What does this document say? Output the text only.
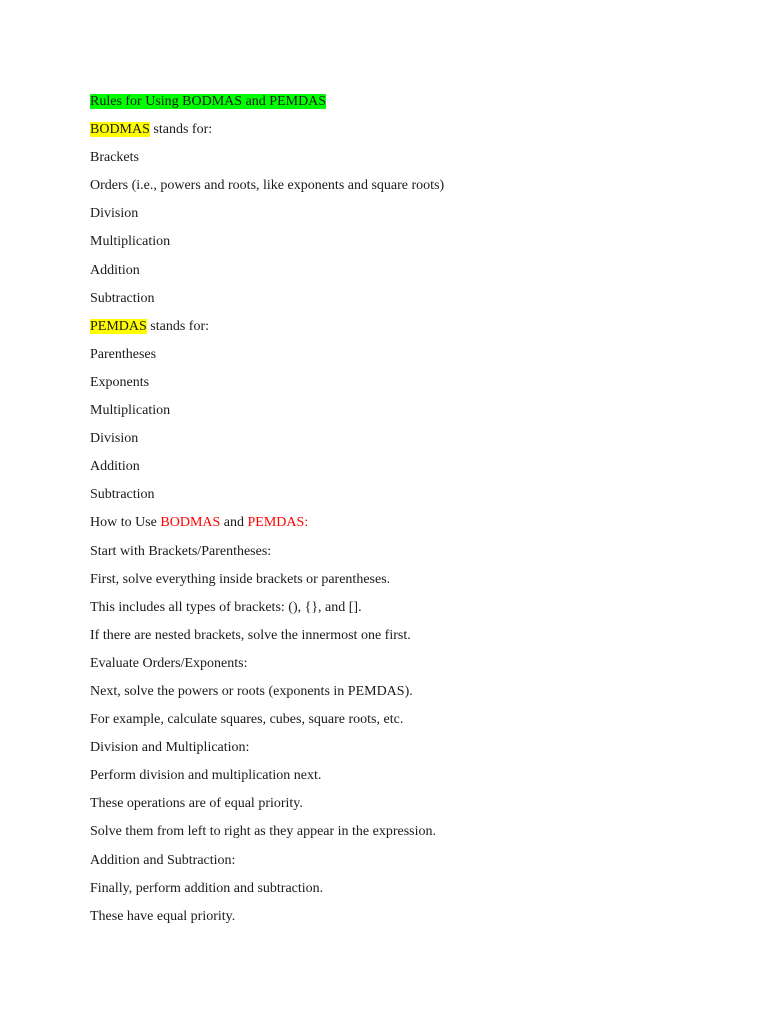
Rules for Using BODMAS and PEMDAS
BODMAS stands for:
Brackets
Orders (i.e., powers and roots, like exponents and square roots)
Division
Multiplication
Addition
Subtraction
PEMDAS stands for:
Parentheses
Exponents
Multiplication
Division
Addition
Subtraction
How to Use BODMAS and PEMDAS:
Start with Brackets/Parentheses:
First, solve everything inside brackets or parentheses.
This includes all types of brackets: (), {}, and [].
If there are nested brackets, solve the innermost one first.
Evaluate Orders/Exponents:
Next, solve the powers or roots (exponents in PEMDAS).
For example, calculate squares, cubes, square roots, etc.
Division and Multiplication:
Perform division and multiplication next.
These operations are of equal priority.
Solve them from left to right as they appear in the expression.
Addition and Subtraction:
Finally, perform addition and subtraction.
These have equal priority.
